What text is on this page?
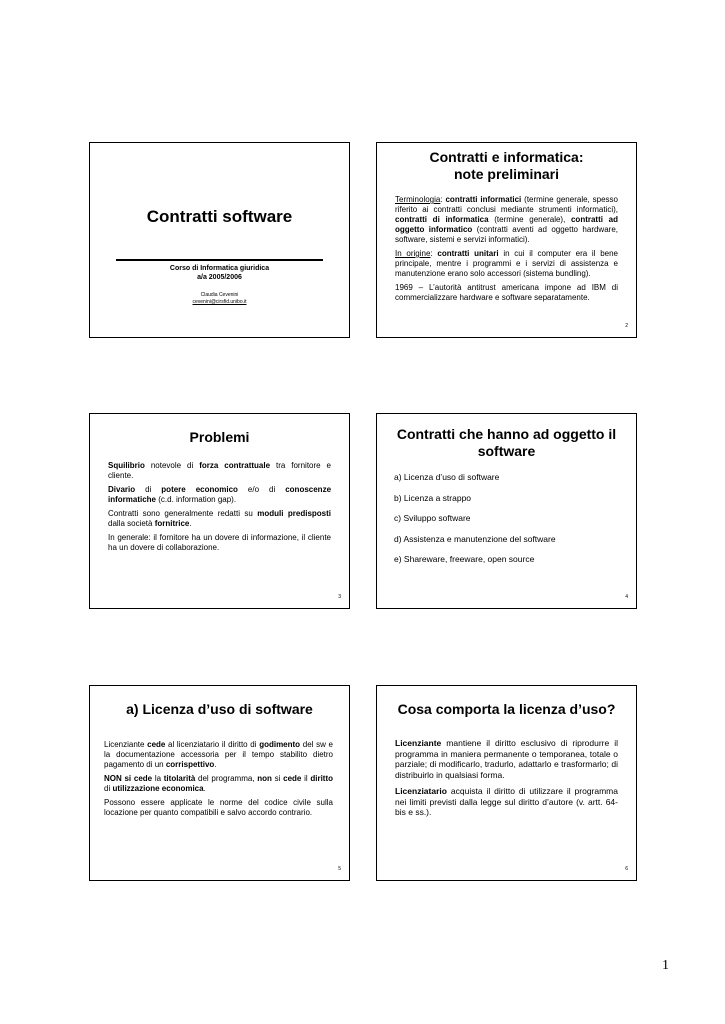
Contratti software
Corso di Informatica giuridica
a/a 2005/2006
Claudia Cevenini
cevenini@cirsfid.unibo.it
Contratti e informatica:
note preliminari

Terminologia: contratti informatici (termine generale, spesso riferito ai contratti conclusi mediante strumenti informatici), contratti di informatica (termine generale), contratti ad oggetto informatico (contratti aventi ad oggetto hardware, software, sistemi e servizi informatici).

In origine: contratti unitari in cui il computer era il bene principale, mentre i programmi e i servizi di assistenza e manutenzione erano solo accessori (sistema bundling).

1969 – L’autorità antitrust americana impone ad IBM di commercializzare hardware e software separatamente.

2
Problemi

Squilibrio notevole di forza contrattuale tra fornitore e cliente.

Divario di potere economico e/o di conoscenze informatiche (c.d. information gap).

Contratti sono generalmente redatti su moduli predisposti dalla società fornitrice.

In generale: il fornitore ha un dovere di informazione, il cliente ha un dovere di collaborazione.

3
Contratti che hanno ad oggetto il
software
a) Licenza d’uso di software
b) Licenza a strappo
c) Sviluppo software
d) Assistenza e manutenzione del software
e) Shareware, freeware, open source
4
a) Licenza d’uso di software

Licenziante cede al licenziatario il diritto di godimento del sw e la documentazione accessoria per il tempo stabilito dietro pagamento di un corrispettivo.

NON si cede la titolarità del programma, non si cede il diritto di utilizzazione economica.

Possono essere applicate le norme del codice civile sulla locazione per quanto compatibili e salvo accordo contrario.

5
Cosa comporta la licenza d’uso?

Licenziante mantiene il diritto esclusivo di riprodurre il programma in maniera permanente o temporanea, totale o parziale; di modificarlo, tradurlo, adattarlo e trasformarlo; di distribuirlo in qualsiasi forma.

Licenziatario acquista il diritto di utilizzare il programma nei limiti previsti dalla legge sul diritto d’autore (v. artt. 64-bis e ss.).

6
1
